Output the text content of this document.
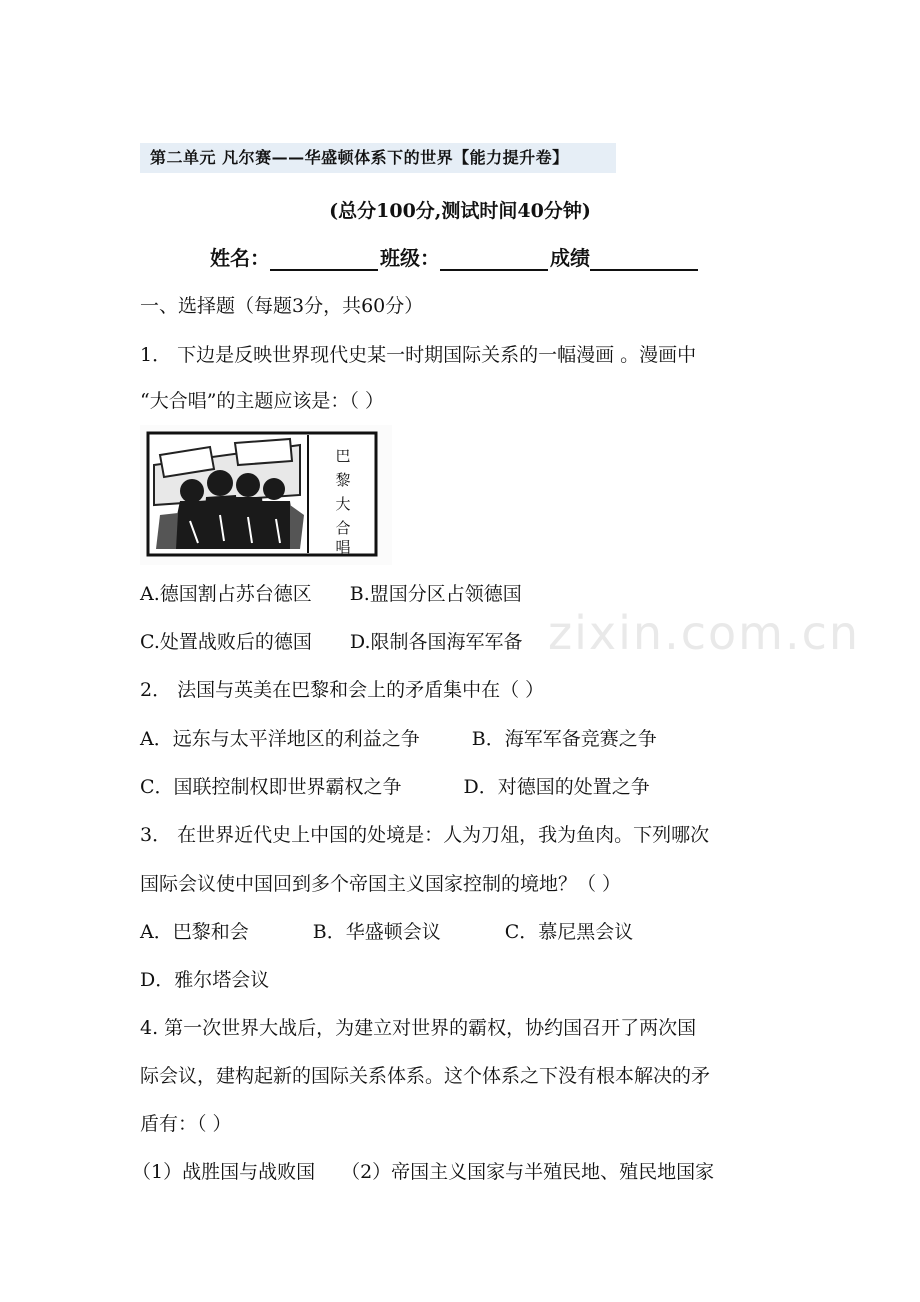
第二单元 凡尔赛——华盛顿体系下的世界【能力提升卷】
(总分100分,测试时间40分钟)
姓名：	班级：	成绩
一、选择题（每题3分，共60分）
1． 下边是反映世界现代史某一时期国际关系的一幅漫画 。漫画中
“大合唱”的主题应该是：（ ）
巴
黎
大
合
唱
zixin.com.cn
A.德国割占苏台德区 B.盟国分区占领德国
C.处置战败后的德国 D.限制各国海军军备
2． 法国与英美在巴黎和会上的矛盾集中在（ ）
A．远东与太平洋地区的利益之争	B．海军军备竞赛之争
C．国联控制权即世界霸权之争	D．对德国的处置之争
3． 在世界近代史上中国的处境是：人为刀俎，我为鱼肉。下列哪次
国际会议使中国回到多个帝国主义国家控制的境地？（ ）
A．巴黎和会	B．华盛顿会议	C．慕尼黑会议
D．雅尔塔会议
4. 第一次世界大战后，为建立对世界的霸权，协约国召开了两次国
际会议，建构起新的国际关系体系。这个体系之下没有根本解决的矛
盾有：（ ）
（1）战胜国与战败国 （2）帝国主义国家与半殖民地、殖民地国家
